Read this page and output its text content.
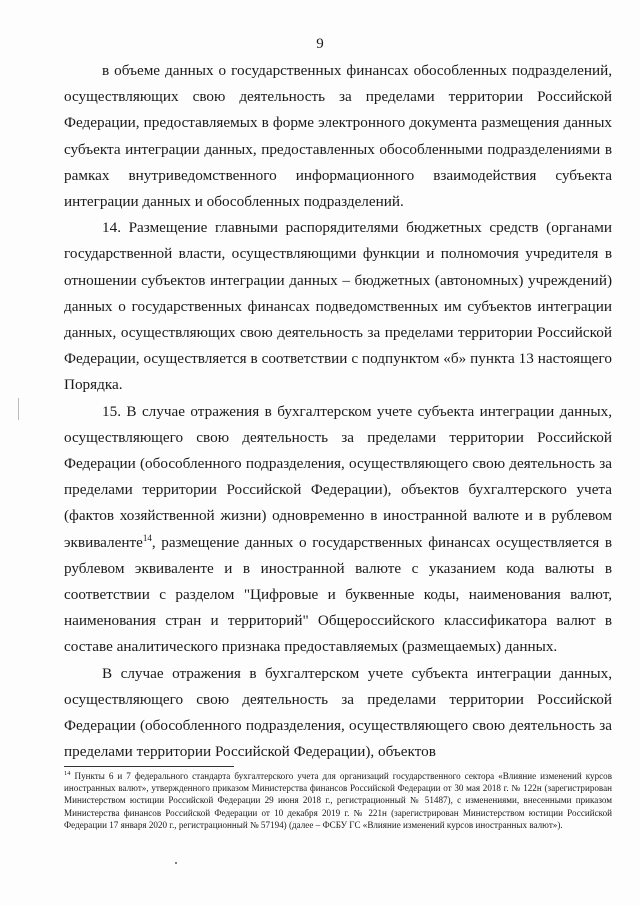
9

в объеме данных о государственных финансах обособленных подразделений, осуществляющих свою деятельность за пределами территории Российской Федерации, предоставляемых в форме электронного документа размещения данных субъекта интеграции данных, предоставленных обособленными подразделениями в рамках внутриведомственного информационного взаимодействия субъекта интеграции данных и обособленных подразделений.

14. Размещение главными распорядителями бюджетных средств (органами государственной власти, осуществляющими функции и полномочия учредителя в отношении субъектов интеграции данных – бюджетных (автономных) учреждений) данных о государственных финансах подведомственных им субъектов интеграции данных, осуществляющих свою деятельность за пределами территории Российской Федерации, осуществляется в соответствии с подпунктом «б» пункта 13 настоящего Порядка.

15. В случае отражения в бухгалтерском учете субъекта интеграции данных, осуществляющего свою деятельность за пределами территории Российской Федерации (обособленного подразделения, осуществляющего свою деятельность за пределами территории Российской Федерации), объектов бухгалтерского учета (фактов хозяйственной жизни) одновременно в иностранной валюте и в рублевом эквиваленте$^{14}$, размещение данных о государственных финансах осуществляется в рублевом эквиваленте и в иностранной валюте с указанием кода валюты в соответствии с разделом "Цифровые и буквенные коды, наименования валют, наименования стран и территорий" Общероссийского классификатора валют в составе аналитического признака предоставляемых (размещаемых) данных.

В случае отражения в бухгалтерском учете субъекта интеграции данных, осуществляющего свою деятельность за пределами территории Российской Федерации (обособленного подразделения, осуществляющего свою деятельность за пределами территории Российской Федерации), объектов

$^{14}$ Пункты 6 и 7 федерального стандарта бухгалтерского учета для организаций государственного сектора «Влияние изменений курсов иностранных валют», утвержденного приказом Министерства финансов Российской Федерации от 30 мая 2018 г. № 122н (зарегистрирован Министерством юстиции Российской Федерации 29 июня 2018 г., регистрационный № 51487), с изменениями, внесенными приказом Министерства финансов Российской Федерации от 10 декабря 2019 г. № 221н (зарегистрирован Министерством юстиции Российской Федерации 17 января 2020 г., регистрационный № 57194) (далее – ФСБУ ГС «Влияние изменений курсов иностранных валют»).
